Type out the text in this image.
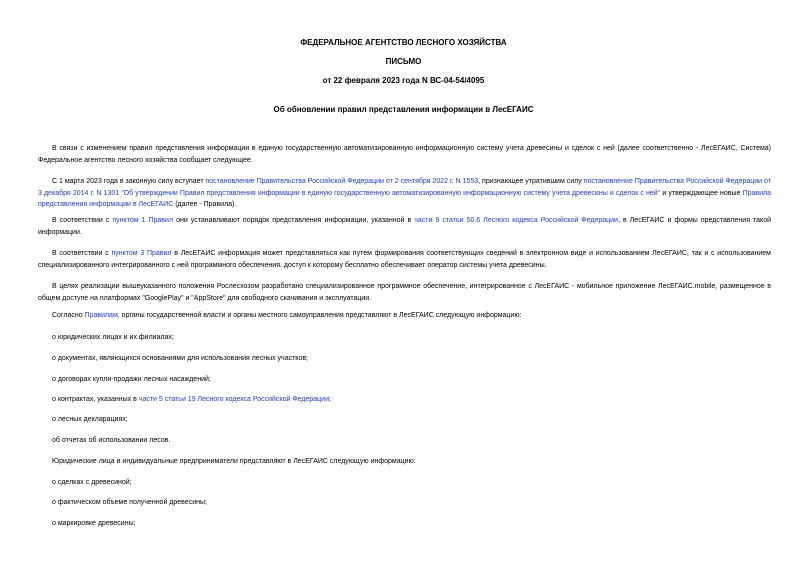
ФЕДЕРАЛЬНОЕ АГЕНТСТВО ЛЕСНОГО ХОЗЯЙСТВА
ПИСЬМО
от 22 февраля 2023 года N ВС-04-54/4095
Об обновлении правил представления информации в ЛесЕГАИС
В связи с изменением правил представления информации в единую государственную автоматизированную информационную систему учета древесины и сделок с ней (далее соответственно - ЛесЕГАИС, Система) Федеральное агентство лесного хозяйства сообщает следующее.
С 1 марта 2023 года в законную силу вступает постановление Правительства Российской Федерации от 2 сентября 2022 г. N 1553, признающее утратившим силу постановление Правительства Российской Федерации от 3 декабря 2014 г. N 1301 "Об утверждении Правил представления информации в единую государственную автоматизированную информационную систему учета древесины и сделок с ней" и утверждающее новые Правила представления информации в ЛесЕГАИС (далее - Правила).
В соответствии с пунктом 1 Правил они устанавливают порядок представления информации, указанной в части 9 статьи 50.6 Лесного кодекса Российской Федерации, в ЛесЕГАИС и формы представления такой информации.
В соответствии с пунктом 3 Правил в ЛесЕГАИС информация может представляться как путем формирования соответствующих сведений в электронном виде и использованием ЛесЕГАИС, так и с использованием специализированного интегрированного с ней программного обеспечения, доступ к которому бесплатно обеспечивает оператор системы учета древесины.
В целях реализации вышеуказанного положения Рослесхозом разработано специализированное программное обеспечение, интегрированное с ЛесЕГАИС - мобильное приложение ЛесЕГАИС.mobile, размещенное в общем доступе на платформах "GooglePlay" и "AppStore" для свободного скачивания и эксплуатации.
Согласно Правилам, органы государственной власти и органы местного самоуправления представляют в ЛесЕГАИС следующую информацию:
о юридических лицах и их филиалах;
о документах, являющихся основаниями для использования лесных участков;
о договорах купли-продажи лесных насаждений;
о контрактах, указанных в части 5 статьи 19 Лесного кодекса Российской Федерации;
о лесных декларациях;
об отчетах об использовании лесов.
Юридические лица и индивидуальные предприниматели представляют в ЛесЕГАИС следующую информацию:
о сделках с древесиной;
о фактическом объеме полученной древесины;
о маркировке древесины;
